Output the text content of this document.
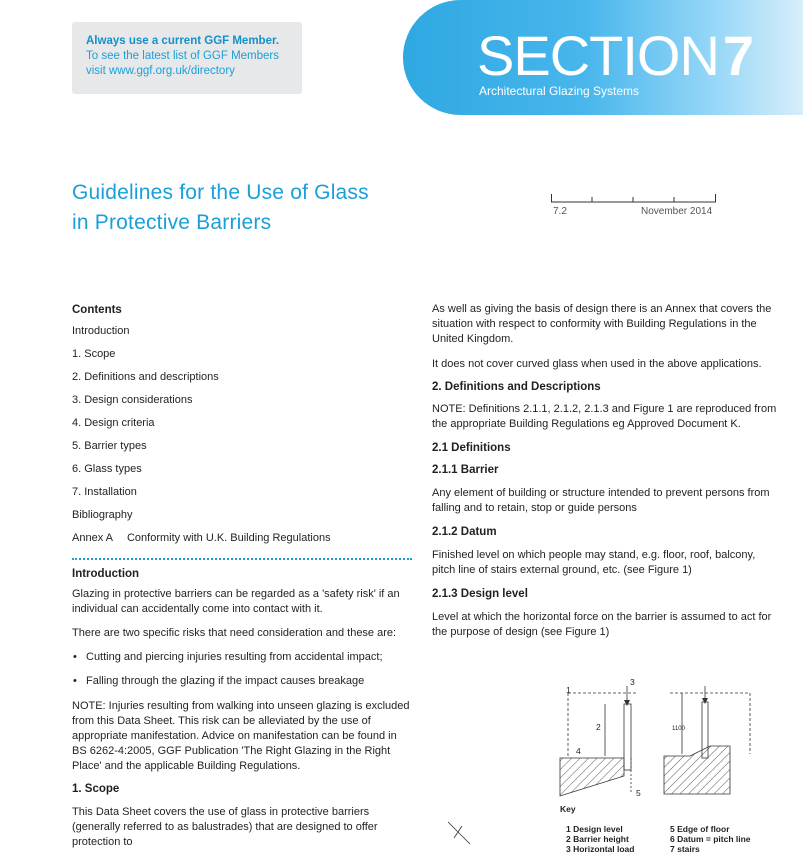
Always use a current GGF Member.
To see the latest list of GGF Members
visit www.ggf.org.uk/directory	SECTION7
Architectural Glazing Systems
Guidelines for the Use of Glass
in Protective Barriers	7.2	November 2014
Contents
Introduction
1. Scope
2. Definitions and descriptions
3. Design considerations
4. Design criteria
5. Barrier types
6. Glass types
7. Installation
Bibliography
Annex A Conformity with U.K. Building Regulations
Introduction
Glazing in protective barriers can be regarded as a 'safety risk' if an individual can accidentally come into contact with it.
There are two specific risks that need consideration and these are:
• Cutting and piercing injuries resulting from accidental impact;
• Falling through the glazing if the impact causes breakage
NOTE: Injuries resulting from walking into unseen glazing is excluded from this Data Sheet. This risk can be alleviated by the use of appropriate manifestation. Advice on manifestation can be found in BS 6262-4:2005, GGF Publication 'The Right Glazing in the Right Place' and the applicable Building Regulations.
1. Scope
This Data Sheet covers the use of glass in protective barriers (generally referred to as balustrades) that are designed to offer protection to
As well as giving the basis of design there is an Annex that covers the situation with respect to conformity with Building Regulations in the United Kingdom.
It does not cover curved glass when used in the above applications.
2. Definitions and Descriptions
NOTE: Definitions 2.1.1, 2.1.2, 2.1.3 and Figure 1 are reproduced from the appropriate Building Regulations eg Approved Document K.
2.1 Definitions
2.1.1 Barrier
Any element of building or structure intended to prevent persons from falling and to retain, stop or guide persons
2.1.2 Datum
Finished level on which people may stand, e.g. floor, roof, balcony, pitch line of stairs external ground, etc. (see Figure 1)
2.1.3 Design level
Level at which the horizontal force on the barrier is assumed to act for the purpose of design (see Figure 1)
1
3
2
4
5
1100
Key
1 Design level
2 Barrier height
3 Horizontal load
5 Edge of floor
6 Datum = pitch line
7 stairs
